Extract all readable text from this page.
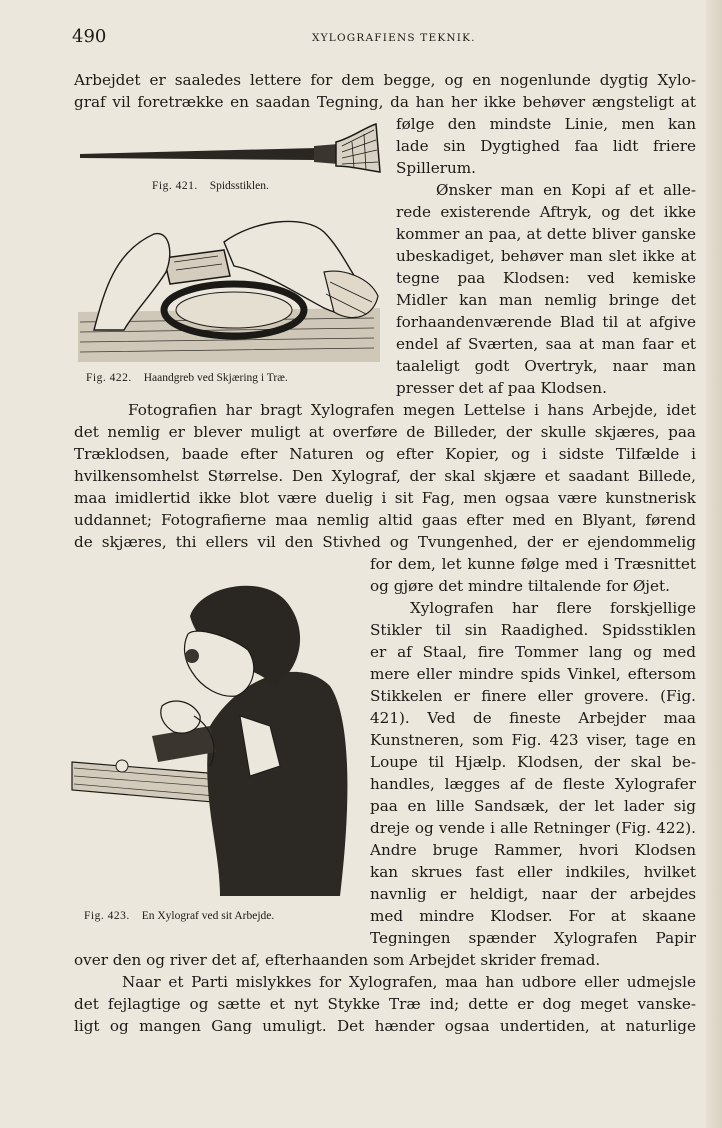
490	XYLOGRAFIENS TEKNIK.
Fig. 421. Spidsstiklen.
Fig. 422. Haandgreb ved Skjæring i Træ.
Fig. 423. En Xylograf ved sit Arbejde.
Arbejdet er saaledes lettere for dem begge, og en nogenlunde dygtig Xylo-
graf vil foretrække en saadan Tegning, da han her ikke behøver ængsteligt at
følge den mindste Linie, men kan
lade sin Dygtighed faa lidt friere
Spillerum.
Ønsker man en Kopi af et alle-
rede existerende Aftryk, og det ikke
kommer an paa, at dette bliver ganske
ubeskadiget, behøver man slet ikke at
tegne paa Klodsen: ved kemiske
Midler kan man nemlig bringe det
forhaandenværende Blad til at afgive
endel af Sværten, saa at man faar et
taaleligt godt Overtryk, naar man
presser det af paa Klodsen.
Fotografien har bragt Xylografen megen Lettelse i hans Arbejde, idet
det nemlig er blever muligt at overføre de Billeder, der skulle skjæres, paa
Træklodsen, baade efter Naturen og efter Kopier, og i sidste Tilfælde i
hvilkensomhelst Størrelse. Den Xylograf, der skal skjære et saadant Billede,
maa imidlertid ikke blot være duelig i sit Fag, men ogsaa være kunstnerisk
uddannet; Fotografierne maa nemlig altid gaas efter med en Blyant, førend
de skjæres, thi ellers vil den Stivhed og Tvungenhed, der er ejendommelig
for dem, let kunne følge med i Træsnittet
og gjøre det mindre tiltalende for Øjet.
Xylografen har flere forskjellige
Stikler til sin Raadighed. Spidsstiklen
er af Staal, fire Tommer lang og med
mere eller mindre spids Vinkel, eftersom
Stikkelen er finere eller grovere. (Fig.
421). Ved de fineste Arbejder maa
Kunstneren, som Fig. 423 viser, tage en
Loupe til Hjælp. Klodsen, der skal be-
handles, lægges af de fleste Xylografer
paa en lille Sandsæk, der let lader sig
dreje og vende i alle Retninger (Fig. 422).
Andre bruge Rammer, hvori Klodsen
kan skrues fast eller indkiles, hvilket
navnlig er heldigt, naar der arbejdes
med mindre Klodser. For at skaane
Tegningen spænder Xylografen Papir
over den og river det af, efterhaanden som Arbejdet skrider fremad.
Naar et Parti mislykkes for Xylografen, maa han udbore eller udmejsle
det fejlagtige og sætte et nyt Stykke Træ ind; dette er dog meget vanske-
ligt og mangen Gang umuligt. Det hænder ogsaa undertiden, at naturlige
